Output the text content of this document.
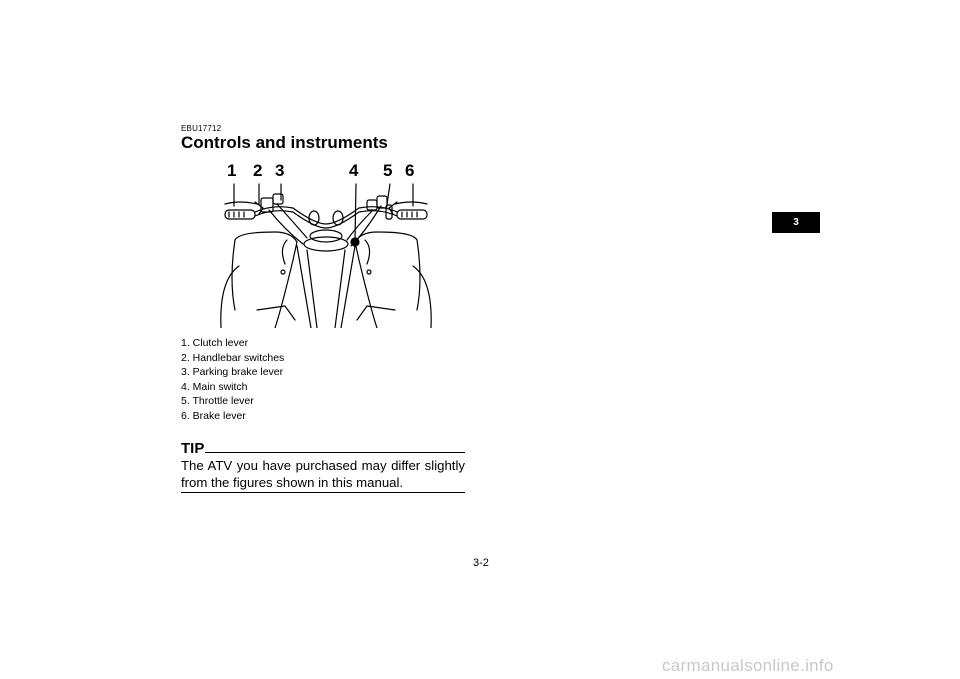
EBU17712
Controls and instruments
1 2 3	4 5 6
1. Clutch lever
2. Handlebar switches
3. Parking brake lever
4. Main switch
5. Throttle lever
6. Brake lever
TIP

The ATV you have purchased may differ slightly from the figures shown in this manual.

3-2
3
carmanualsonline.info
